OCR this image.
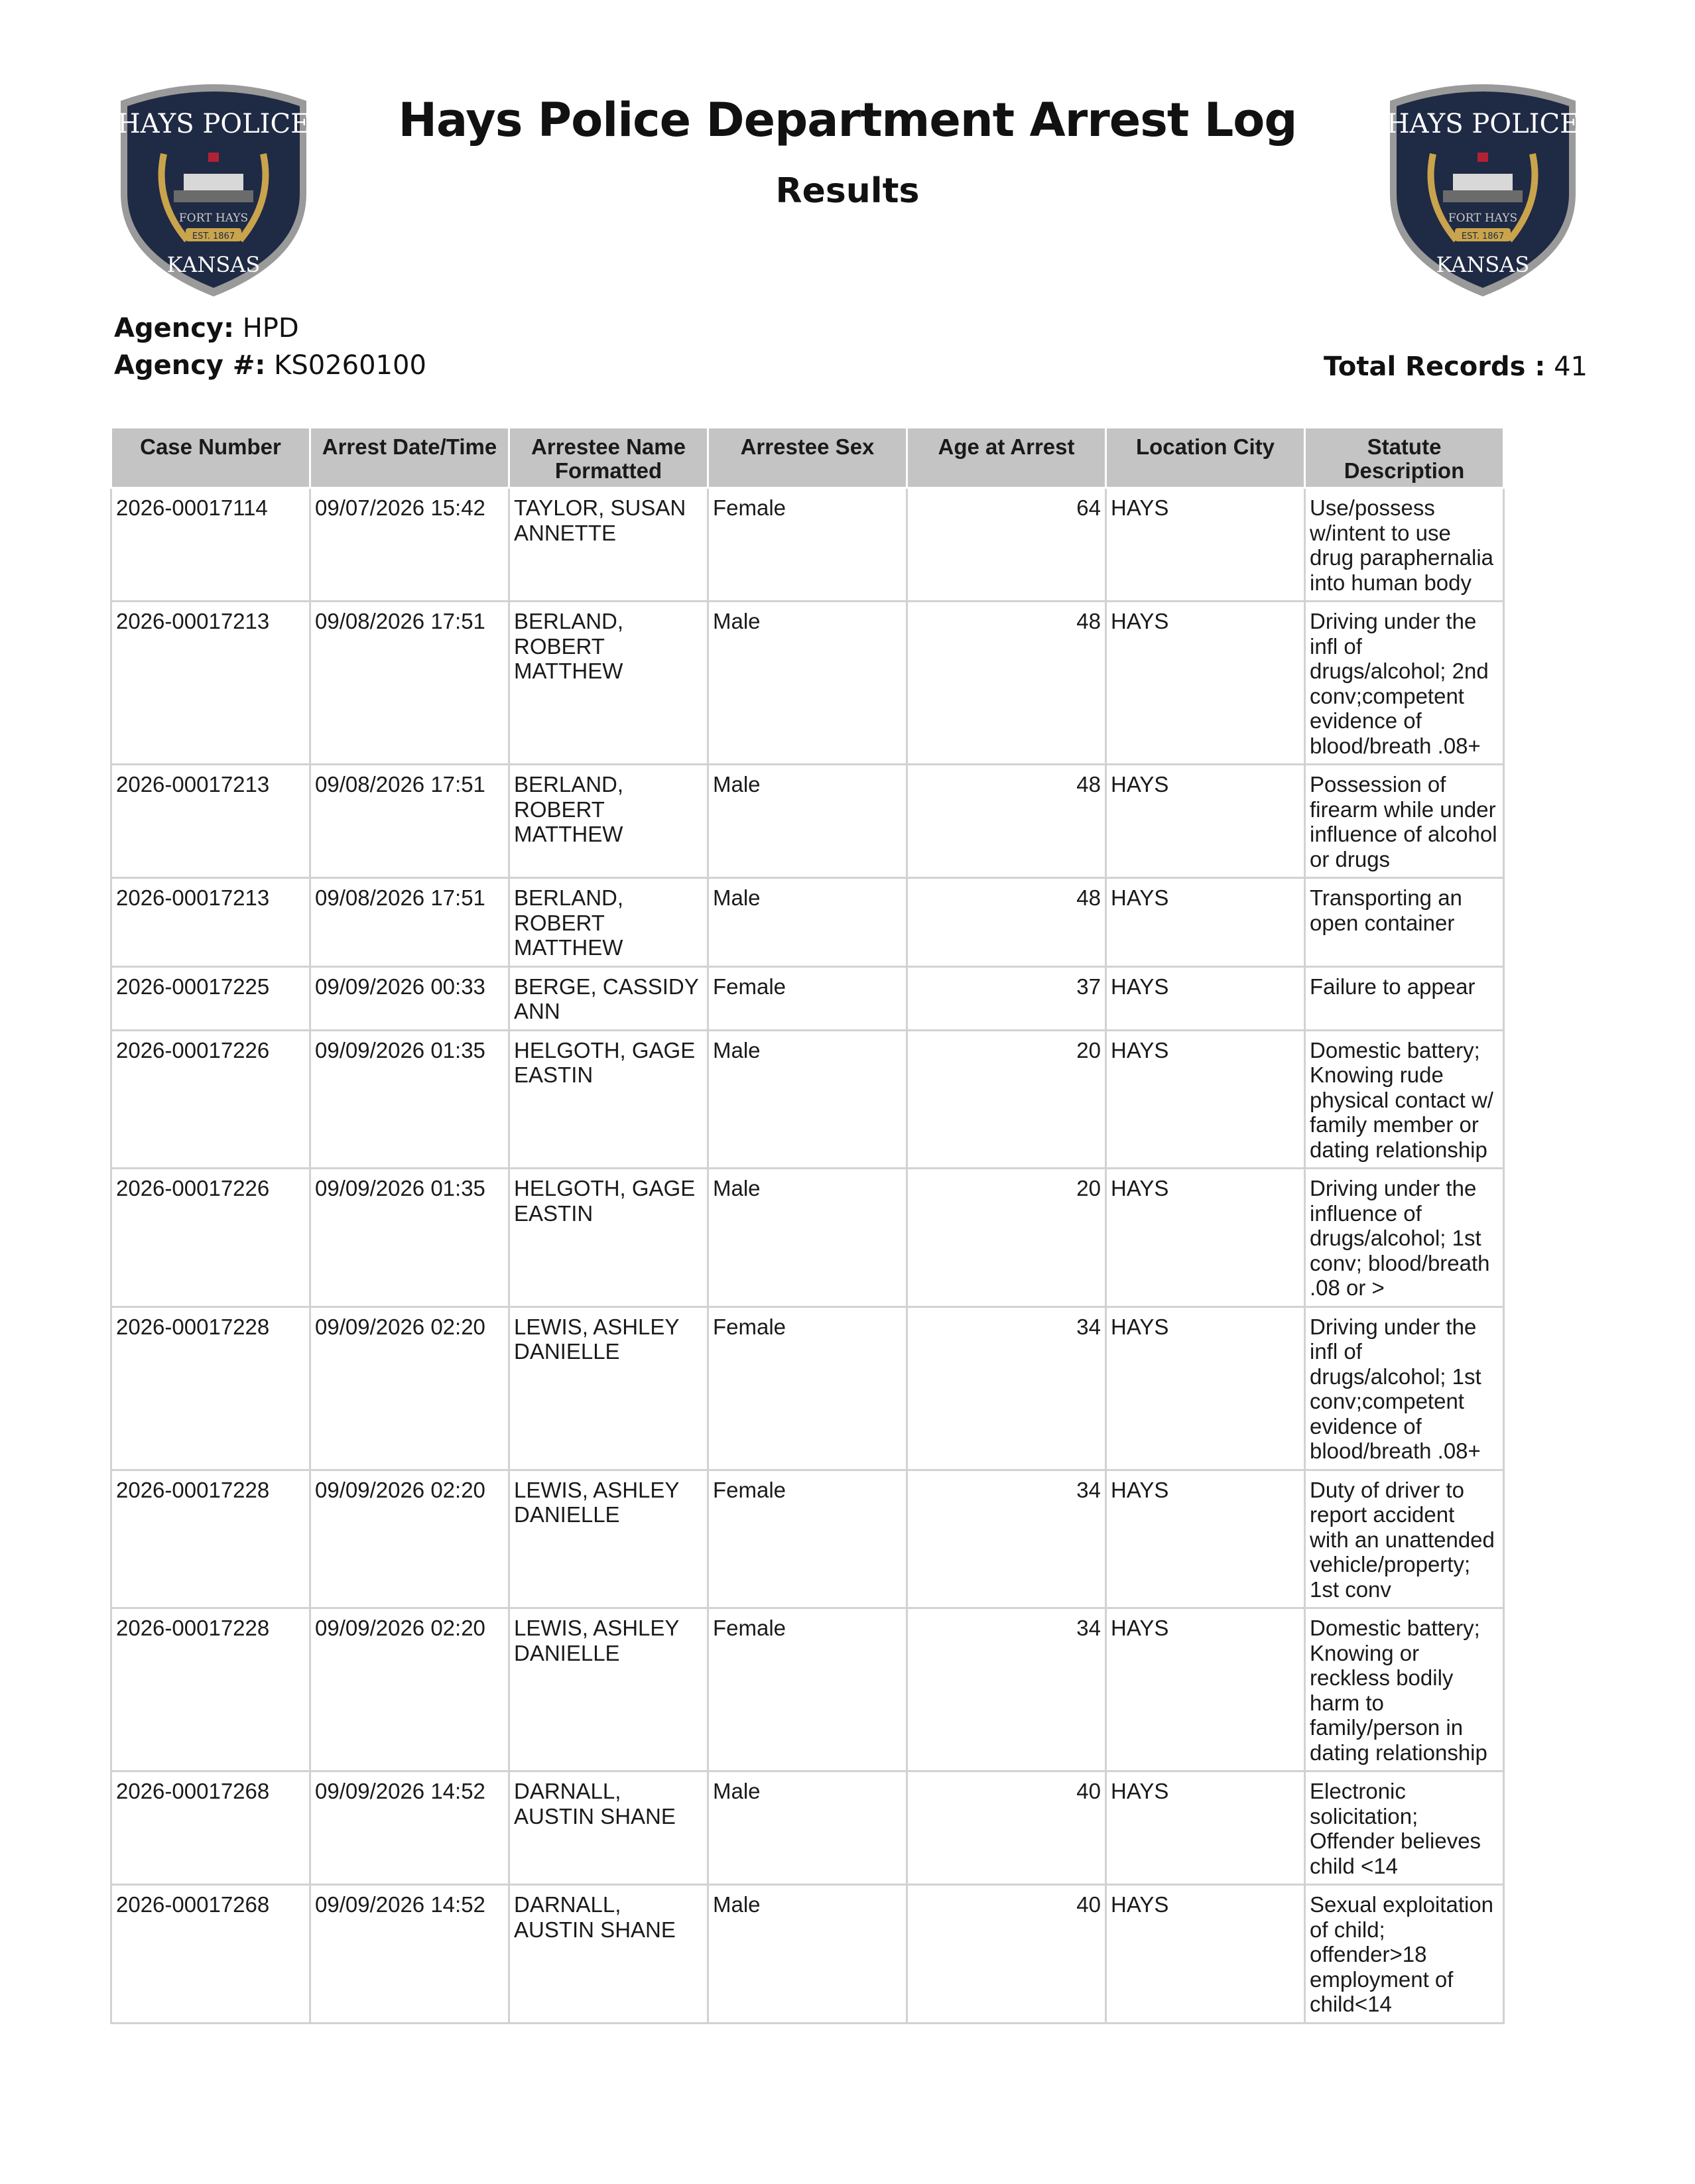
HAYS POLICE
FORT HAYS
EST. 1867
KANSAS
HAYS POLICE
FORT HAYS
EST. 1867
KANSAS
Hays Police Department Arrest Log
Results
Agency: HPD
Agency #: KS0260100	Total Records : 41
Case Number	Arrest Date/Time	Arrestee Name Formatted	Arrestee Sex	Age at Arrest	Location City	Statute Description
2026-00017114	09/07/2026 15:42	TAYLOR, SUSAN ANNETTE	Female	64	HAYS	Use/possess w/intent to use drug paraphernalia into human body
2026-00017213	09/08/2026 17:51	BERLAND, ROBERT MATTHEW	Male	48	HAYS	Driving under the infl of drugs/alcohol; 2nd conv;competent evidence of blood/breath .08+
2026-00017213	09/08/2026 17:51	BERLAND, ROBERT MATTHEW	Male	48	HAYS	Possession of firearm while under influence of alcohol or drugs
2026-00017213	09/08/2026 17:51	BERLAND, ROBERT MATTHEW	Male	48	HAYS	Transporting an open container
2026-00017225	09/09/2026 00:33	BERGE, CASSIDY ANN	Female	37	HAYS	Failure to appear
2026-00017226	09/09/2026 01:35	HELGOTH, GAGE EASTIN	Male	20	HAYS	Domestic battery; Knowing rude physical contact w/ family member or dating relationship
2026-00017226	09/09/2026 01:35	HELGOTH, GAGE EASTIN	Male	20	HAYS	Driving under the influence of drugs/alcohol; 1st conv; blood/breath .08 or >
2026-00017228	09/09/2026 02:20	LEWIS, ASHLEY DANIELLE	Female	34	HAYS	Driving under the infl of drugs/alcohol; 1st conv;competent evidence of blood/breath .08+
2026-00017228	09/09/2026 02:20	LEWIS, ASHLEY DANIELLE	Female	34	HAYS	Duty of driver to report accident with an unattended vehicle/property; 1st conv
2026-00017228	09/09/2026 02:20	LEWIS, ASHLEY DANIELLE	Female	34	HAYS	Domestic battery; Knowing or reckless bodily harm to family/person in dating relationship
2026-00017268	09/09/2026 14:52	DARNALL, AUSTIN SHANE	Male	40	HAYS	Electronic solicitation; Offender believes child <14
2026-00017268	09/09/2026 14:52	DARNALL, AUSTIN SHANE	Male	40	HAYS	Sexual exploitation of child; offender>18 employment of child<14
